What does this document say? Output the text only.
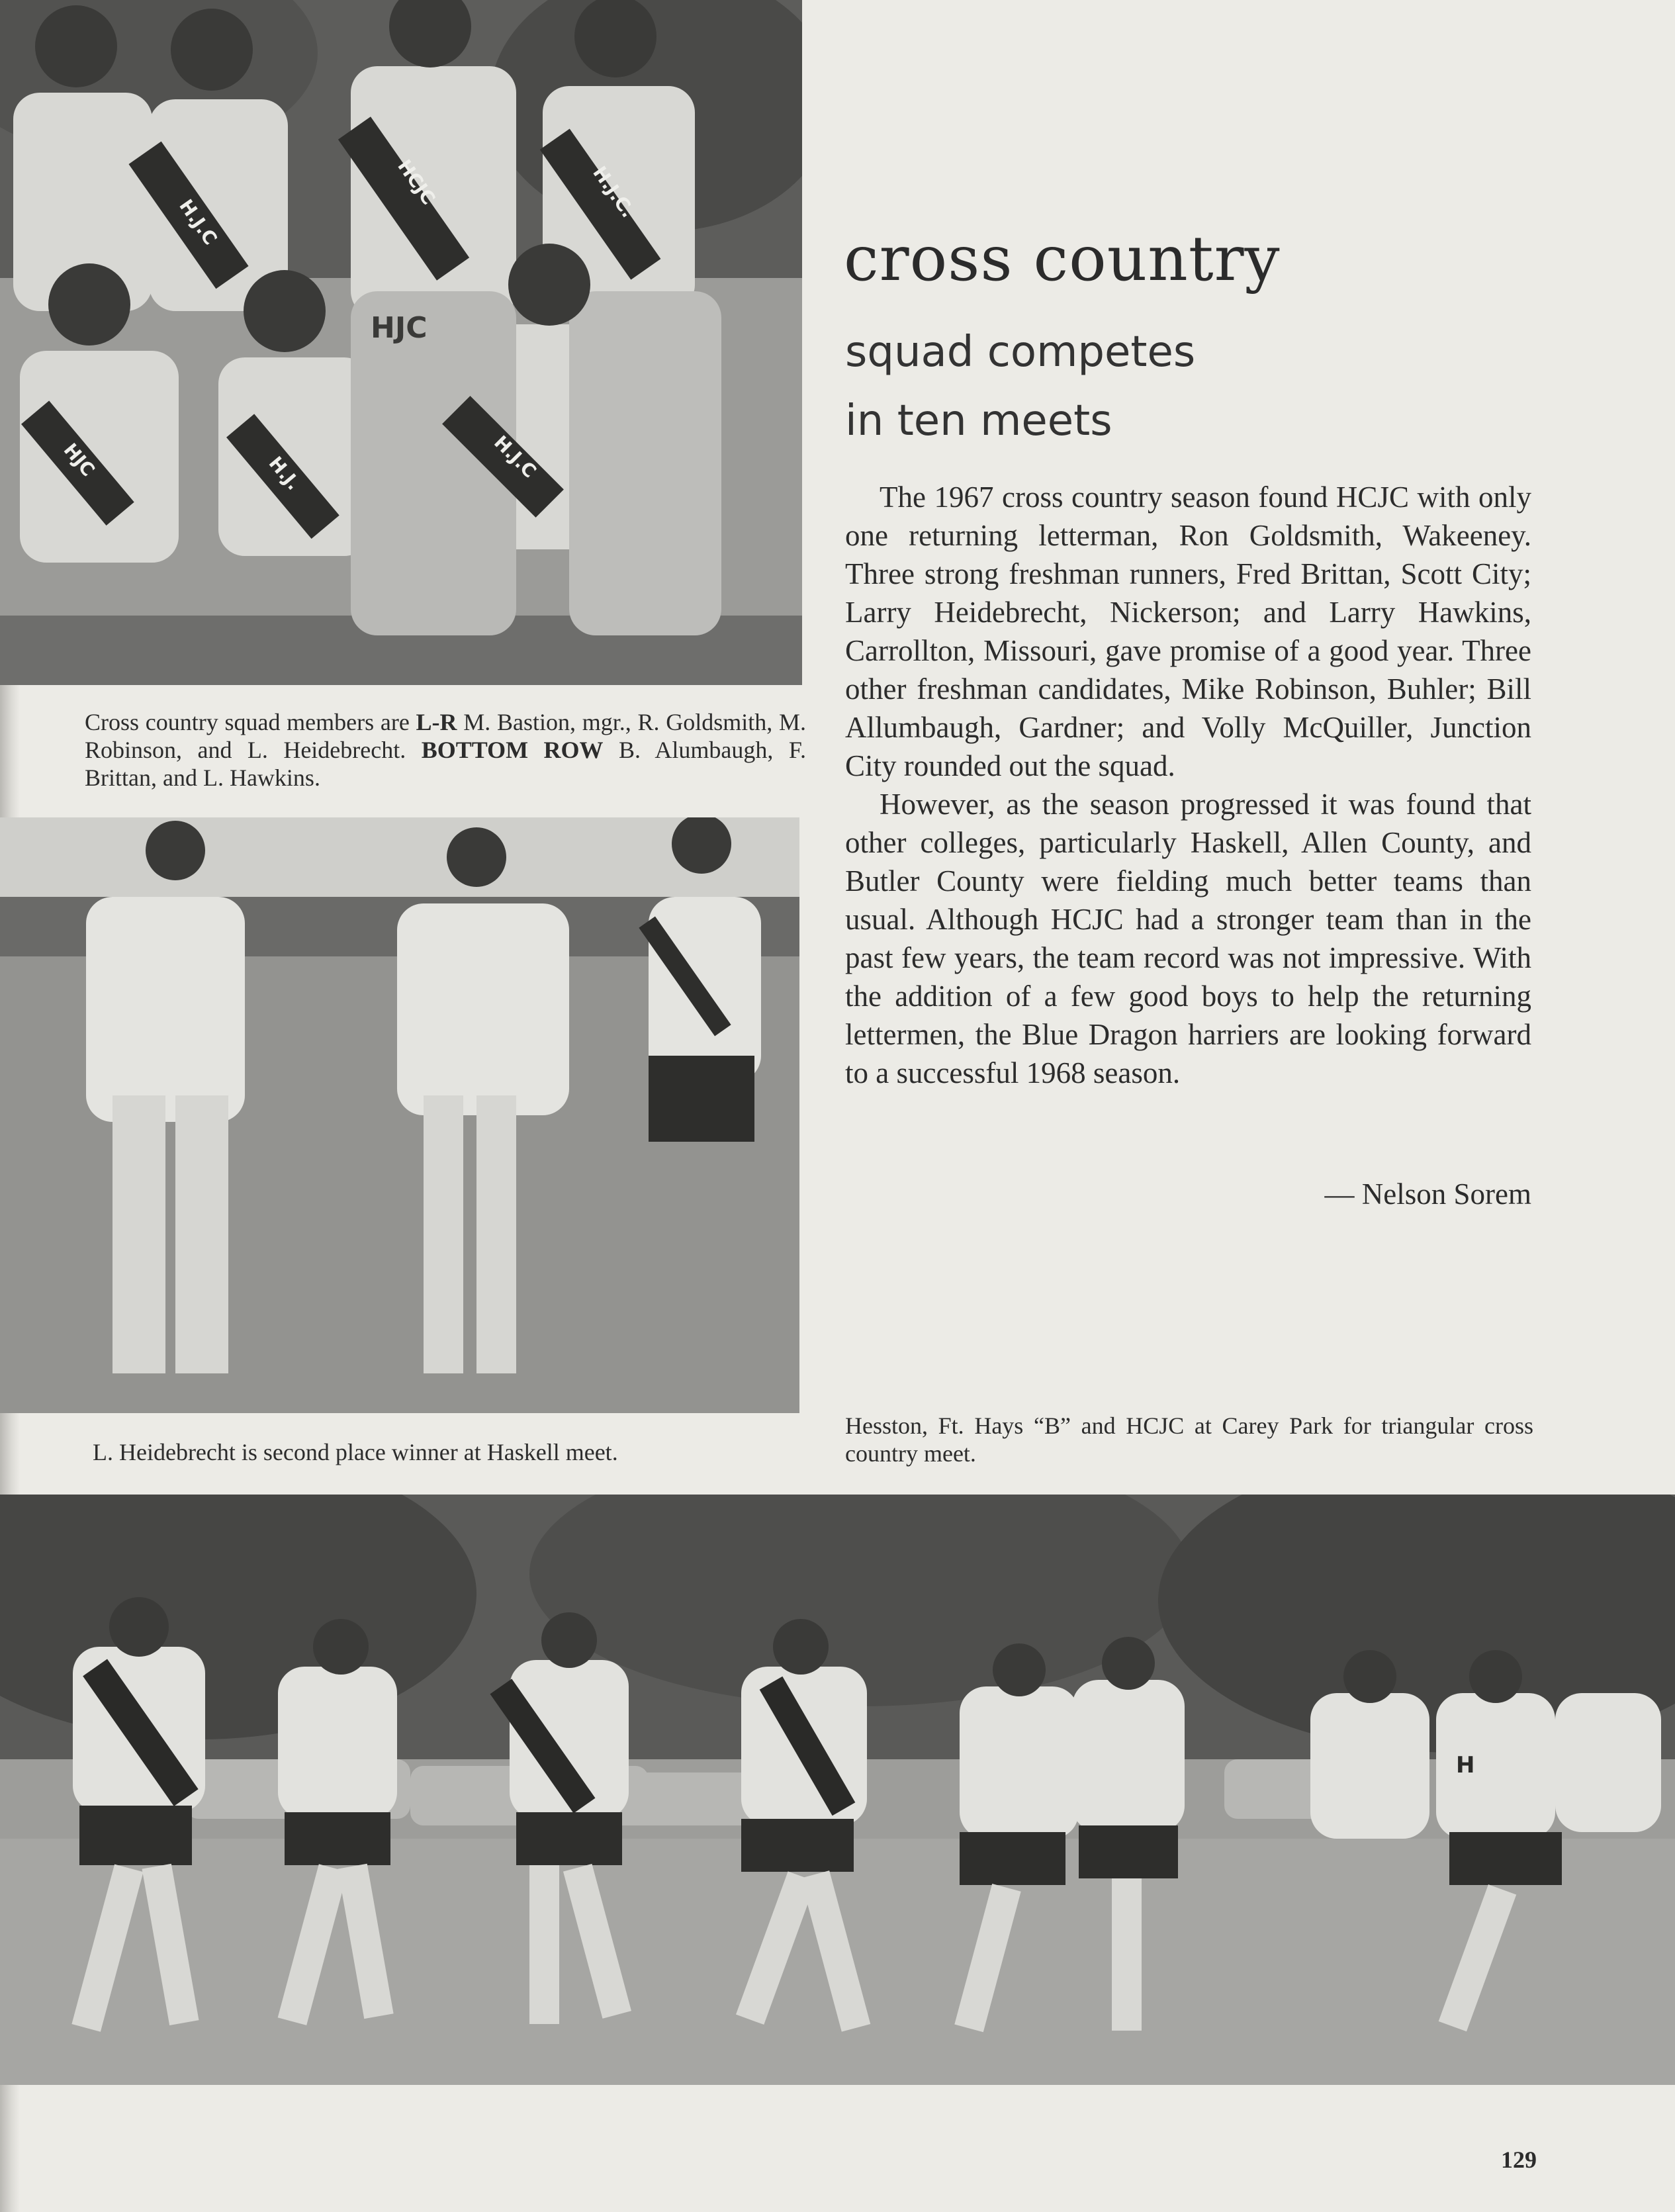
H.J.C
HCJC	H.J.C.
HJC	H.J.	H.J.C
HJC
Cross country squad members are L-R M. Bastion, mgr., R. Goldsmith, M. Robinson, and L. Heidebrecht. BOTTOM ROW B. Alumbaugh, F. Brittan, and L. Hawkins.
L. Heidebrecht is second place winner at Haskell meet.
cross country
squad competes
in ten meets

The 1967 cross country season found HCJC with only one returning letterman, Ron Goldsmith, Wakeeney. Three strong freshman runners, Fred Brittan, Scott City; Larry Heidebrecht, Nickerson; and Larry Hawkins, Carrollton, Missouri, gave promise of a good year. Three other freshman candidates, Mike Robinson, Buhler; Bill Allumbaugh, Gardner; and Volly McQuiller, Junction City rounded out the squad.

However, as the season progressed it was found that other colleges, particularly Haskell, Allen County, and Butler County were fielding much better teams than usual. Although HCJC had a stronger team than in the past few years, the team record was not impressive. With the addition of a few good boys to help the returning lettermen, the Blue Dragon harriers are looking forward to a successful 1968 season.

— Nelson Sorem
Hesston, Ft. Hays “B” and HCJC at Carey Park for triangular cross country meet.
H
129
